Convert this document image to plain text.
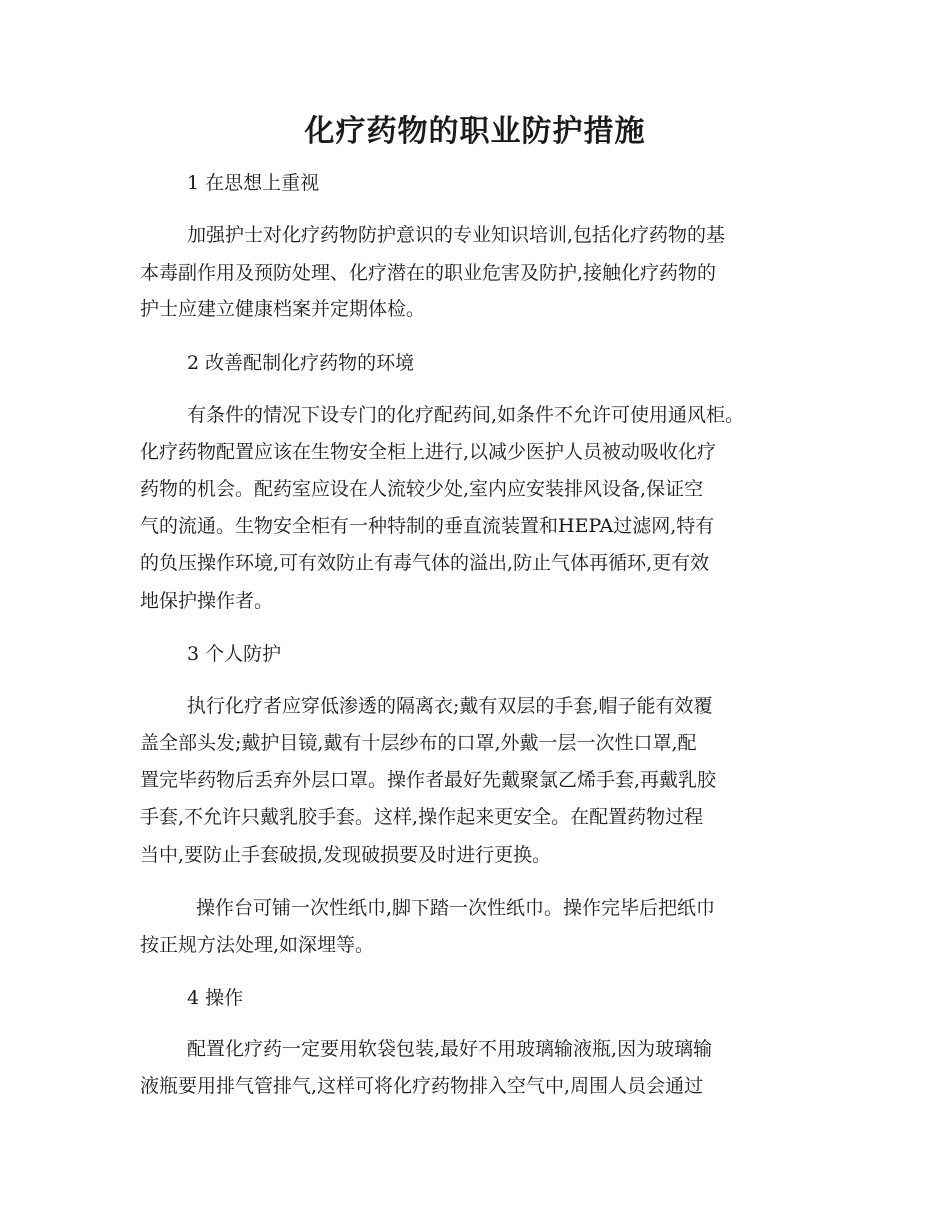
化疗药物的职业防护措施
1 在思想上重视
加强护士对化疗药物防护意识的专业知识培训,包括化疗药物的基
本毒副作用及预防处理、化疗潜在的职业危害及防护,接触化疗药物的
护士应建立健康档案并定期体检。
2 改善配制化疗药物的环境
有条件的情况下设专门的化疗配药间,如条件不允许可使用通风柜。
化疗药物配置应该在生物安全柜上进行,以减少医护人员被动吸收化疗
药物的机会。配药室应设在人流较少处,室内应安装排风设备,保证空
气的流通。生物安全柜有一种特制的垂直流装置和HEPA过滤网,特有
的负压操作环境,可有效防止有毒气体的溢出,防止气体再循环,更有效
地保护操作者。
3 个人防护
执行化疗者应穿低渗透的隔离衣;戴有双层的手套,帽子能有效覆
盖全部头发;戴护目镜,戴有十层纱布的口罩,外戴一层一次性口罩,配
置完毕药物后丢弃外层口罩。操作者最好先戴聚氯乙烯手套,再戴乳胶
手套,不允许只戴乳胶手套。这样,操作起来更安全。在配置药物过程
当中,要防止手套破损,发现破损要及时进行更换。
操作台可铺一次性纸巾,脚下踏一次性纸巾。操作完毕后把纸巾
按正规方法处理,如深埋等。
4 操作
配置化疗药一定要用软袋包装,最好不用玻璃输液瓶,因为玻璃输
液瓶要用排气管排气,这样可将化疗药物排入空气中,周围人员会通过
